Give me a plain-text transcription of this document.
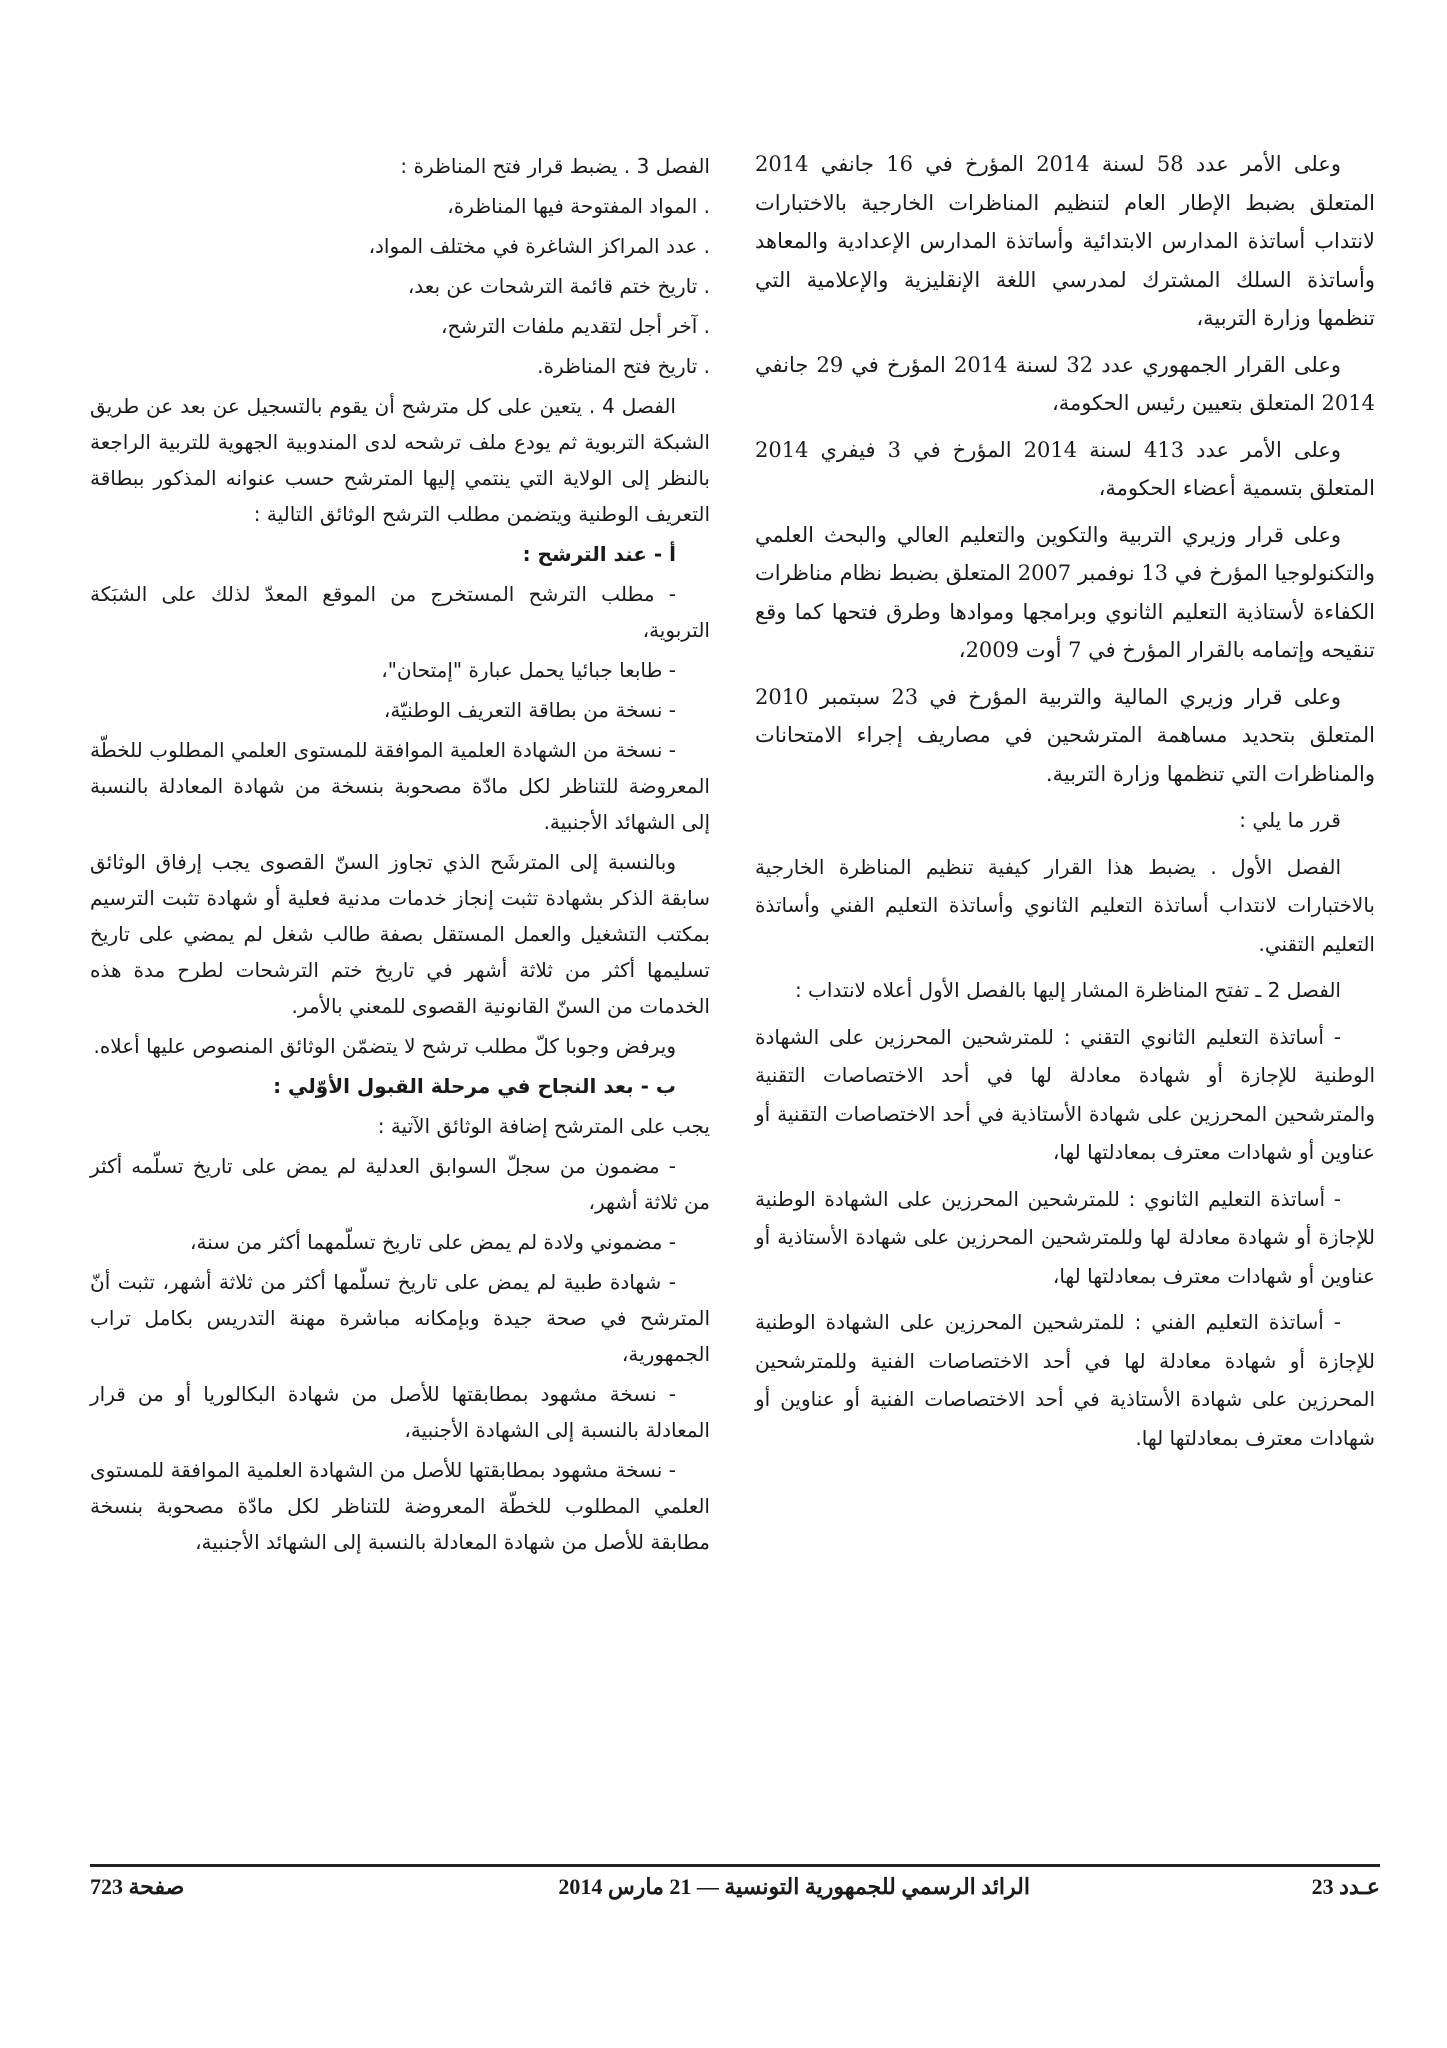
وعلى الأمر عدد 58 لسنة 2014 المؤرخ في 16 جانفي 2014 المتعلق بضبط الإطار العام لتنظيم المناظرات الخارجية بالاختبارات لانتداب أساتذة المدارس الابتدائية وأساتذة المدارس الإعدادية والمعاهد وأساتذة السلك المشترك لمدرسي اللغة الإنقليزية والإعلامية التي تنظمها وزارة التربية،

وعلى القرار الجمهوري عدد 32 لسنة 2014 المؤرخ في 29 جانفي 2014 المتعلق بتعيين رئيس الحكومة،

وعلى الأمر عدد 413 لسنة 2014 المؤرخ في 3 فيفري 2014 المتعلق بتسمية أعضاء الحكومة،

وعلى قرار وزيري التربية والتكوين والتعليم العالي والبحث العلمي والتكنولوجيا المؤرخ في 13 نوفمبر 2007 المتعلق بضبط نظام مناظرات الكفاءة لأستاذية التعليم الثانوي وبرامجها وموادها وطرق فتحها كما وقع تنقيحه وإتمامه بالقرار المؤرخ في 7 أوت 2009،

وعلى قرار وزيري المالية والتربية المؤرخ في 23 سبتمبر 2010 المتعلق بتحديد مساهمة المترشحين في مصاريف إجراء الامتحانات والمناظرات التي تنظمها وزارة التربية.

قرر ما يلي :

الفصل الأول . يضبط هذا القرار كيفية تنظيم المناظرة الخارجية بالاختبارات لانتداب أساتذة التعليم الثانوي وأساتذة التعليم الفني وأساتذة التعليم التقني.

الفصل 2 ـ تفتح المناظرة المشار إليها بالفصل الأول أعلاه لانتداب :

- أساتذة التعليم الثانوي التقني : للمترشحين المحرزين على الشهادة الوطنية للإجازة أو شهادة معادلة لها في أحد الاختصاصات التقنية والمترشحين المحرزين على شهادة الأستاذية في أحد الاختصاصات التقنية أو عناوين أو شهادات معترف بمعادلتها لها،

- أساتذة التعليم الثانوي : للمترشحين المحرزين على الشهادة الوطنية للإجازة أو شهادة معادلة لها وللمترشحين المحرزين على شهادة الأستاذية أو عناوين أو شهادات معترف بمعادلتها لها،

- أساتذة التعليم الفني : للمترشحين المحرزين على الشهادة الوطنية للإجازة أو شهادة معادلة لها في أحد الاختصاصات الفنية وللمترشحين المحرزين على شهادة الأستاذية في أحد الاختصاصات الفنية أو عناوين أو شهادات معترف بمعادلتها لها.

الفصل 3 . يضبط قرار فتح المناظرة :

. المواد المفتوحة فيها المناظرة،

. عدد المراكز الشاغرة في مختلف المواد،

. تاريخ ختم قائمة الترشحات عن بعد،

. آخر أجل لتقديم ملفات الترشح،

. تاريخ فتح المناظرة.

الفصل 4 . يتعين على كل مترشح أن يقوم بالتسجيل عن بعد عن طريق الشبكة التربوية ثم يودع ملف ترشحه لدى المندوبية الجهوية للتربية الراجعة بالنظر إلى الولاية التي ينتمي إليها المترشح حسب عنوانه المذكور ببطاقة التعريف الوطنية ويتضمن مطلب الترشح الوثائق التالية :

أ - عند الترشح :

- مطلب الترشح المستخرج من الموقع المعدّ لذلك على الشبَكة التربوية،

- طابعا جبائيا يحمل عبارة "إمتحان"،

- نسخة من بطاقة التعريف الوطنيّة،

- نسخة من الشهادة العلمية الموافقة للمستوى العلمي المطلوب للخطّة المعروضة للتناظر لكل مادّة مصحوبة بنسخة من شهادة المعادلة بالنسبة إلى الشهائد الأجنبية.

وبالنسبة إلى المترشَح الذي تجاوز السنّ القصوى يجب إرفاق الوثائق سابقة الذكر بشهادة تثبت إنجاز خدمات مدنية فعلية أو شهادة تثبت الترسيم بمكتب التشغيل والعمل المستقل بصفة طالب شغل لم يمضي على تاريخ تسليمها أكثر من ثلاثة أشهر في تاريخ ختم الترشحات لطرح مدة هذه الخدمات من السنّ القانونية القصوى للمعني بالأمر.

ويرفض وجوبا كلّ مطلب ترشح لا يتضمّن الوثائق المنصوص عليها أعلاه.

ب - بعد النجاح في مرحلة القبول الأوّلي :

يجب على المترشح إضافة الوثائق الآتية :

- مضمون من سجلّ السوابق العدلية لم يمض على تاريخ تسلّمه أكثر من ثلاثة أشهر،

- مضموني ولادة لم يمض على تاريخ تسلّمهما أكثر من سنة،

- شهادة طبية لم يمض على تاريخ تسلّمها أكثر من ثلاثة أشهر، تثبت أنّ المترشح في صحة جيدة وبإمكانه مباشرة مهنة التدريس بكامل تراب الجمهورية،

- نسخة مشهود بمطابقتها للأصل من شهادة البكالوريا أو من قرار المعادلة بالنسبة إلى الشهادة الأجنبية،

- نسخة مشهود بمطابقتها للأصل من الشهادة العلمية الموافقة للمستوى العلمي المطلوب للخطّة المعروضة للتناظر لكل مادّة مصحوبة بنسخة مطابقة للأصل من شهادة المعادلة بالنسبة إلى الشهائد الأجنبية،

عـدد 23
الرائد الرسمي للجمهورية التونسية — 21 مارس 2014
صفحة 723
